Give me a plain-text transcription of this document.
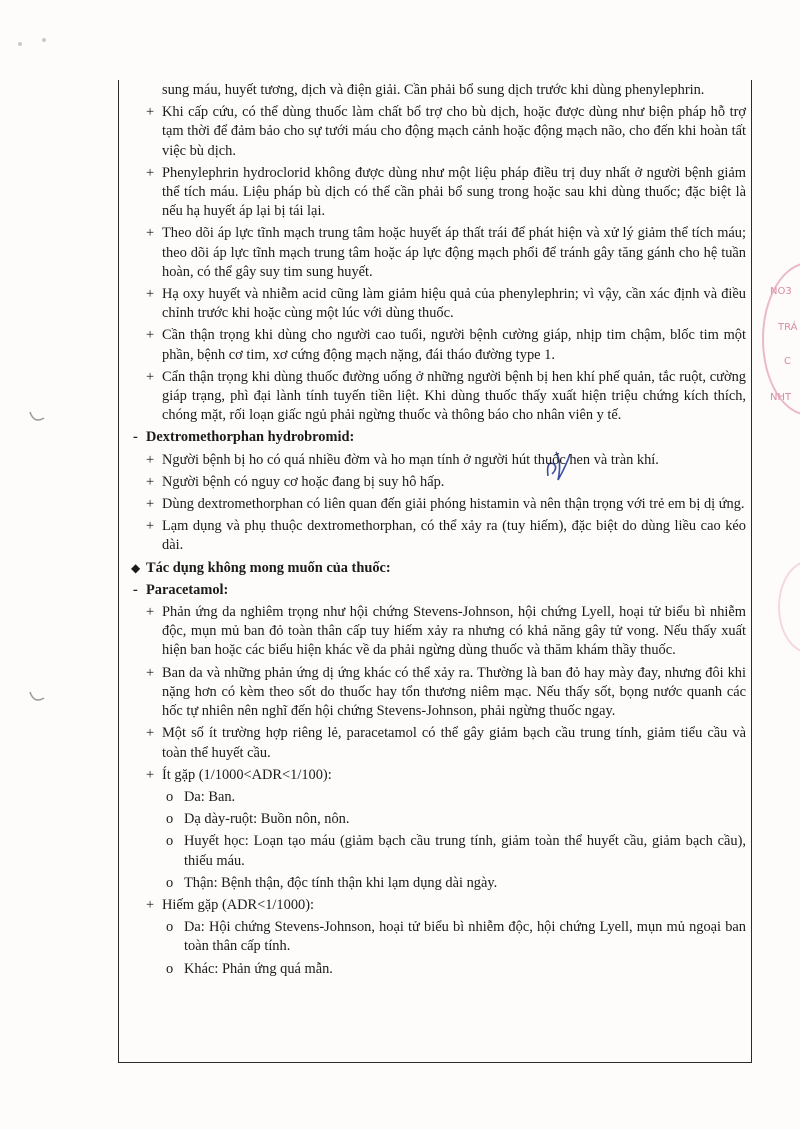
NO3
TRÁ
C
NHT

sung máu, huyết tương, dịch và điện giải. Cần phải bổ sung dịch trước khi dùng phenylephrin.

+ Khi cấp cứu, có thể dùng thuốc làm chất bổ trợ cho bù dịch, hoặc được dùng như biện pháp hỗ trợ tạm thời để đảm bảo cho sự tưới máu cho động mạch cảnh hoặc động mạch não, cho đến khi hoàn tất việc bù dịch.

+ Phenylephrin hydroclorid không được dùng như một liệu pháp điều trị duy nhất ở người bệnh giảm thể tích máu. Liệu pháp bù dịch có thể cần phải bổ sung trong hoặc sau khi dùng thuốc; đặc biệt là nếu hạ huyết áp lại bị tái lại.

+ Theo dõi áp lực tĩnh mạch trung tâm hoặc huyết áp thất trái để phát hiện và xử lý giảm thể tích máu; theo dõi áp lực tĩnh mạch trung tâm hoặc áp lực động mạch phổi để tránh gây tăng gánh cho hệ tuần hoàn, có thể gây suy tim sung huyết.

+ Hạ oxy huyết và nhiễm acid cũng làm giảm hiệu quả của phenylephrin; vì vậy, cần xác định và điều chỉnh trước khi hoặc cùng một lúc với dùng thuốc.

+ Cần thận trọng khi dùng cho người cao tuổi, người bệnh cường giáp, nhịp tim chậm, blốc tim một phần, bệnh cơ tim, xơ cứng động mạch nặng, đái tháo đường type 1.

+ Cẩn thận trọng khi dùng thuốc đường uống ở những người bệnh bị hen khí phế quản, tắc ruột, cường giáp trạng, phì đại lành tính tuyến tiền liệt. Khi dùng thuốc thấy xuất hiện triệu chứng kích thích, chóng mặt, rối loạn giấc ngủ phải ngừng thuốc và thông báo cho nhân viên y tế.

- Dextromethorphan hydrobromid:

+ Người bệnh bị ho có quá nhiều đờm và ho mạn tính ở người hút thuốc hen và tràn khí.

+ Người bệnh có nguy cơ hoặc đang bị suy hô hấp.

+ Dùng dextromethorphan có liên quan đến giải phóng histamin và nên thận trọng với trẻ em bị dị ứng.

+ Lạm dụng và phụ thuộc dextromethorphan, có thể xảy ra (tuy hiếm), đặc biệt do dùng liều cao kéo dài.

◆ Tác dụng không mong muốn của thuốc:

- Paracetamol:

+ Phản ứng da nghiêm trọng như hội chứng Stevens-Johnson, hội chứng Lyell, hoại tử biểu bì nhiễm độc, mụn mủ ban đỏ toàn thân cấp tuy hiếm xảy ra nhưng có khả năng gây tử vong. Nếu thấy xuất hiện ban hoặc các biểu hiện khác về da phải ngừng dùng thuốc và thăm khám thầy thuốc.

+ Ban da và những phản ứng dị ứng khác có thể xảy ra. Thường là ban đỏ hay mày đay, nhưng đôi khi nặng hơn có kèm theo sốt do thuốc hay tổn thương niêm mạc. Nếu thấy sốt, bọng nước quanh các hốc tự nhiên nên nghĩ đến hội chứng Stevens-Johnson, phải ngừng thuốc ngay.

+ Một số ít trường hợp riêng lẻ, paracetamol có thể gây giảm bạch cầu trung tính, giảm tiểu cầu và toàn thể huyết cầu.

+ Ít gặp (1/1000<ADR<1/100):

o Da: Ban.

o Dạ dày-ruột: Buồn nôn, nôn.

o Huyết học: Loạn tạo máu (giảm bạch cầu trung tính, giảm toàn thể huyết cầu, giảm bạch cầu), thiếu máu.

o Thận: Bệnh thận, độc tính thận khi lạm dụng dài ngày.

+ Hiếm gặp (ADR<1/1000):

o Da: Hội chứng Stevens-Johnson, hoại tử biểu bì nhiễm độc, hội chứng Lyell, mụn mủ ngoại ban toàn thân cấp tính.

o Khác: Phản ứng quá mẫn.
